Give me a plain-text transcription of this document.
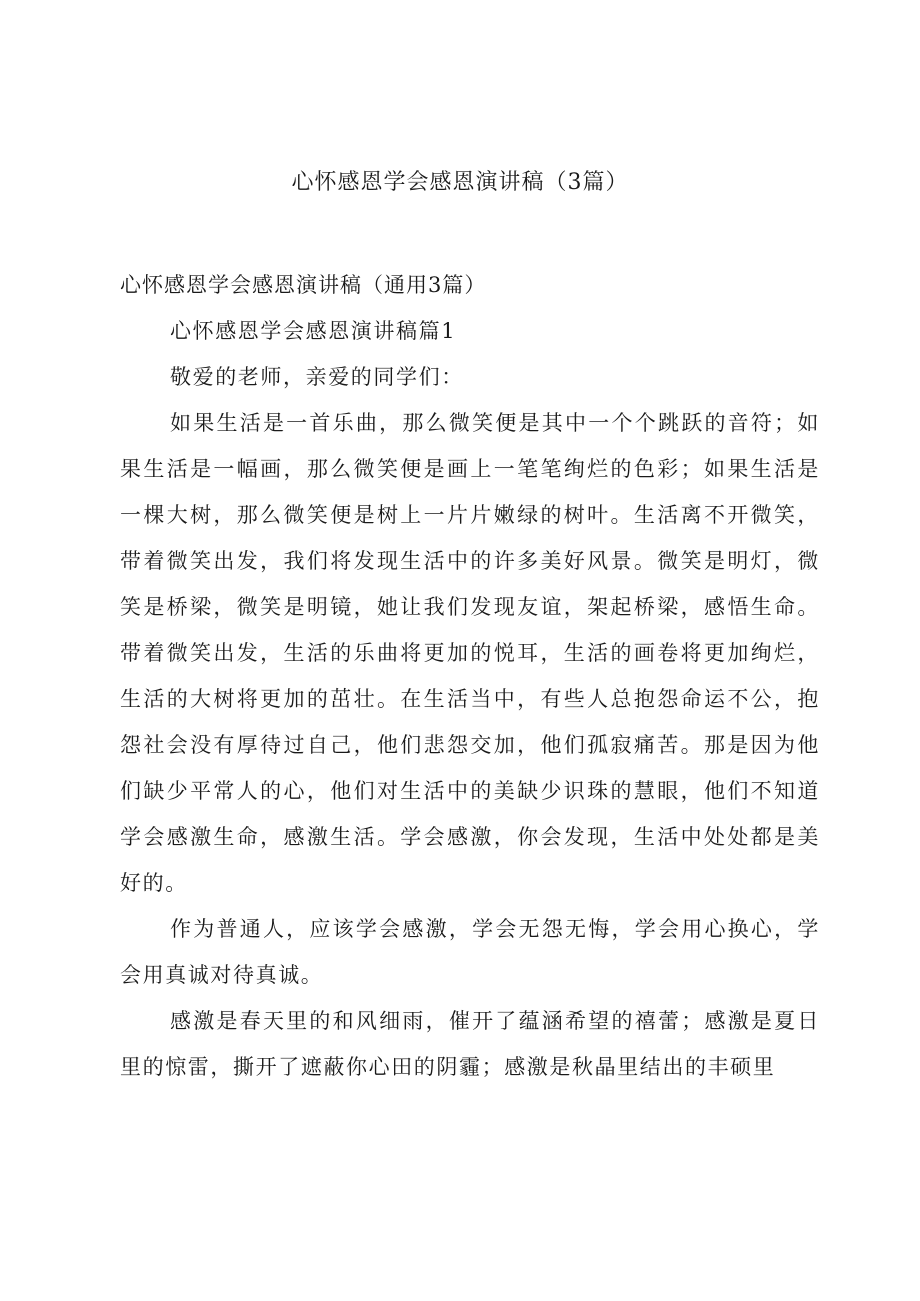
心怀感恩学会感恩演讲稿（3篇）

心怀感恩学会感恩演讲稿（通用3篇）

心怀感恩学会感恩演讲稿篇1

敬爱的老师，亲爱的同学们：

如果生活是一首乐曲，那么微笑便是其中一个个跳跃的音符；如果生活是一幅画，那么微笑便是画上一笔笔绚烂的色彩；如果生活是一棵大树，那么微笑便是树上一片片嫩绿的树叶。生活离不开微笑，带着微笑出发，我们将发现生活中的许多美好风景。微笑是明灯，微笑是桥梁，微笑是明镜，她让我们发现友谊，架起桥梁，感悟生命。带着微笑出发，生活的乐曲将更加的悦耳，生活的画卷将更加绚烂，生活的大树将更加的茁壮。在生活当中，有些人总抱怨命运不公，抱怨社会没有厚待过自己，他们悲怨交加，他们孤寂痛苦。那是因为他们缺少平常人的心，他们对生活中的美缺少识珠的慧眼，他们不知道学会感激生命，感激生活。学会感激，你会发现，生活中处处都是美好的。

作为普通人，应该学会感激，学会无怨无悔，学会用心换心，学会用真诚对待真诚。

感激是春天里的和风细雨，催开了蕴涵希望的禧蕾；感激是夏日里的惊雷，撕开了遮蔽你心田的阴霾；感激是秋晶里结出的丰硕里
